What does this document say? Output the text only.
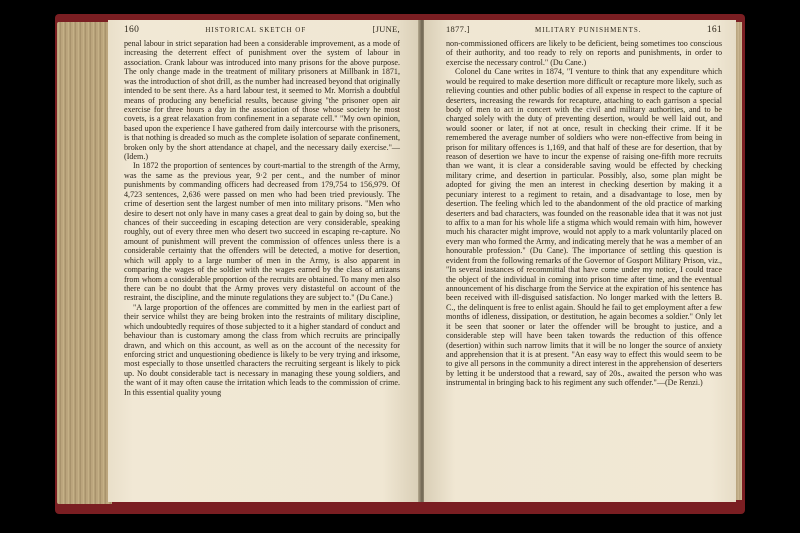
160	HISTORICAL SKETCH OF	[JUNE,

penal labour in strict separation had been a considerable improvement, as a mode of increasing the deterrent effect of punishment over the system of labour in association. Crank labour was introduced into many prisons for the above purpose. The only change made in the treatment of military prisoners at Millbank in 1871, was the introduction of shot drill, as the number had increased beyond that originally intended to be sent there. As a hard labour test, it seemed to Mr. Morrish a doubtful means of producing any beneficial results, because giving "the prisoner open air exercise for three hours a day in the association of those whose society he most covets, is a great relaxation from confinement in a separate cell." "My own opinion, based upon the experience I have gathered from daily intercourse with the prisoners, is that nothing is dreaded so much as the complete isolation of separate confinement, broken only by the short attendance at chapel, and the necessary daily exercise."—(Idem.)

In 1872 the proportion of sentences by court-martial to the strength of the Army, was the same as the previous year, 9·2 per cent., and the number of minor punishments by commanding officers had decreased from 179,754 to 156,979. Of 4,723 sentences, 2,636 were passed on men who had been tried previously. The crime of desertion sent the largest number of men into military prisons. "Men who desire to desert not only have in many cases a great deal to gain by doing so, but the chances of their succeeding in escaping detection are very considerable, speaking roughly, out of every three men who desert two succeed in escaping re-capture. No amount of punishment will prevent the commission of offences unless there is a considerable certainty that the offenders will be detected, a motive for desertion, which will apply to a large number of men in the Army, is also apparent in comparing the wages of the soldier with the wages earned by the class of artizans from whom a considerable proportion of the recruits are obtained. To many men also there can be no doubt that the Army proves very distasteful on account of the restraint, the discipline, and the minute regulations they are subject to." (Du Cane.)

"A large proportion of the offences are committed by men in the earliest part of their service whilst they are being broken into the restraints of military discipline, which undoubtedly requires of those subjected to it a higher standard of conduct and behaviour than is customary among the class from which recruits are principally drawn, and which on this account, as well as on the account of the necessity for enforcing strict and unquestioning obedience is likely to be very trying and irksome, most especially to those unsettled characters the recruiting sergeant is likely to pick up. No doubt considerable tact is necessary in managing these young soldiers, and the want of it may often cause the irritation which leads to the commission of crime. In this essential quality young

1877.]	MILITARY PUNISHMENTS.	161

non-commissioned officers are likely to be deficient, being sometimes too conscious of their authority, and too ready to rely on reports and punishments, in order to exercise the necessary control." (Du Cane.)

Colonel du Cane writes in 1874, "I venture to think that any expenditure which would be required to make desertion more difficult or recapture more likely, such as relieving counties and other public bodies of all expense in respect to the capture of deserters, increasing the rewards for recapture, attaching to each garrison a special body of men to act in concert with the civil and military authorities, and to be charged solely with the duty of preventing desertion, would be well laid out, and would sooner or later, if not at once, result in checking their crime. If it be remembered the average number of soldiers who were non-effective from being in prison for military offences is 1,169, and that half of these are for desertion, that by reason of desertion we have to incur the expense of raising one-fifth more recruits than we want, it is clear a considerable saving would be effected by checking military crime, and desertion in particular. Possibly, also, some plan might be adopted for giving the men an interest in checking desertion by making it a pecuniary interest to a regiment to retain, and a disadvantage to lose, men by desertion. The feeling which led to the abandonment of the old practice of marking deserters and bad characters, was founded on the reasonable idea that it was not just to affix to a man for his whole life a stigma which would remain with him, however much his character might improve, would not apply to a mark voluntarily placed on every man who formed the Army, and indicating merely that he was a member of an honourable profession." (Du Cane). The importance of settling this question is evident from the following remarks of the Governor of Gosport Military Prison, viz., "In several instances of recommittal that have come under my notice, I could trace the object of the individual in coming into prison time after time, and the eventual announcement of his discharge from the Service at the expiration of his sentence has been received with ill-disguised satisfaction. No longer marked with the letters B. C., the delinquent is free to enlist again. Should he fail to get employment after a few months of idleness, dissipation, or destitution, he again becomes a soldier." Only let it be seen that sooner or later the offender will be brought to justice, and a considerable step will have been taken towards the reduction of this offence (desertion) within such narrow limits that it will be no longer the source of anxiety and apprehension that it is at present. "An easy way to effect this would seem to be to give all persons in the community a direct interest in the apprehension of deserters by letting it be understood that a reward, say of 20s., awaited the person who was instrumental in bringing back to his regiment any such offender."—(De Renzi.)
